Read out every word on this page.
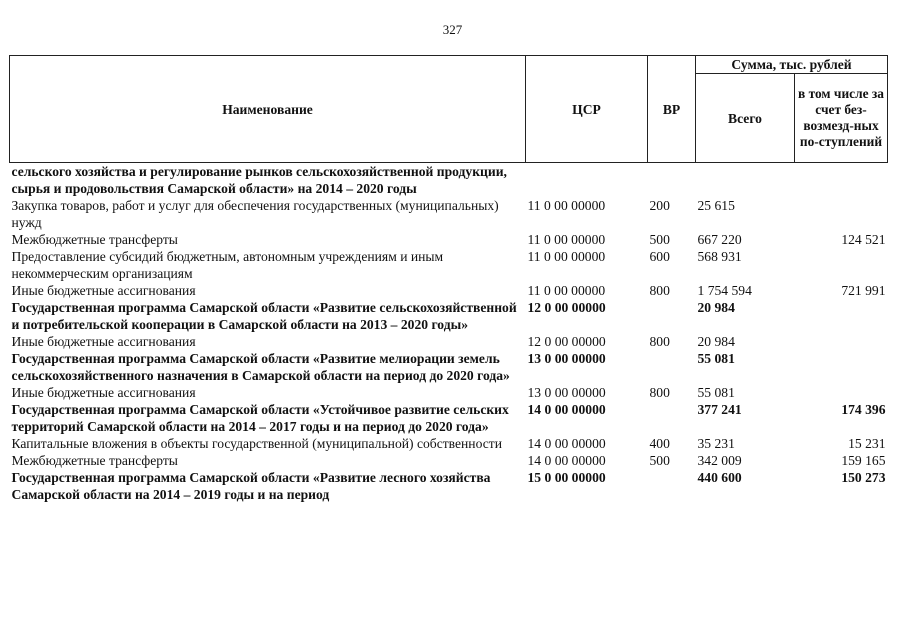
327
Наименование	ЦСР	ВР	Сумма, тыс. рублей	
			Всего	в том числе за счет без-возмезд-ных по-ступлений
сельского хозяйства и регулирование рынков сельскохозяйственной продукции, сырья и продовольствия Самарской области» на 2014 – 2020 годы				
Закупка товаров, работ и услуг для обеспечения государственных (муниципальных) нужд	11 0 00 00000	200	25 615	
Межбюджетные трансферты	11 0 00 00000	500	667 220	124 521
Предоставление субсидий бюджетным, автономным учреждениям и иным некоммерческим организациям	11 0 00 00000	600	568 931	
Иные бюджетные ассигнования	11 0 00 00000	800	1 754 594	721 991
Государственная программа Самарской области «Развитие сельскохозяйственной и потребительской кооперации в Самарской области на 2013 – 2020 годы»	12 0 00 00000		20 984	
Иные бюджетные ассигнования	12 0 00 00000	800	20 984	
Государственная программа Самарской области «Развитие мелиорации земель сельскохозяйственного назначения в Самарской области на период до 2020 года»	13 0 00 00000		55 081	
Иные бюджетные ассигнования	13 0 00 00000	800	55 081	
Государственная программа Самарской области «Устойчивое развитие сельских территорий Самарской области на 2014 – 2017 годы и на период до 2020 года»	14 0 00 00000		377 241	174 396
Капитальные вложения в объекты государственной (муниципальной) собственности	14 0 00 00000	400	35 231	15 231
Межбюджетные трансферты	14 0 00 00000	500	342 009	159 165
Государственная программа Самарской области «Развитие лесного хозяйства Самарской области на 2014 – 2019 годы и на период	15 0 00 00000		440 600	150 273
